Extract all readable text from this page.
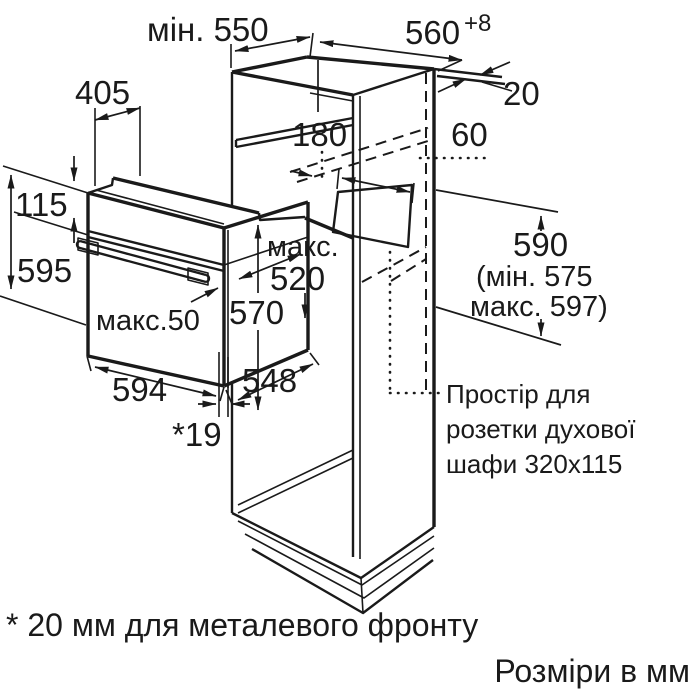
мін. 550	560 +8
20
405
180	60
115
595
макс.50
макс.
520
570
594 548
*19
590
(мін. 575
макс. 597)
Простір для
розетки духової
шафи 320x115
* 20 мм для металевого фронту
Розміри в мм
